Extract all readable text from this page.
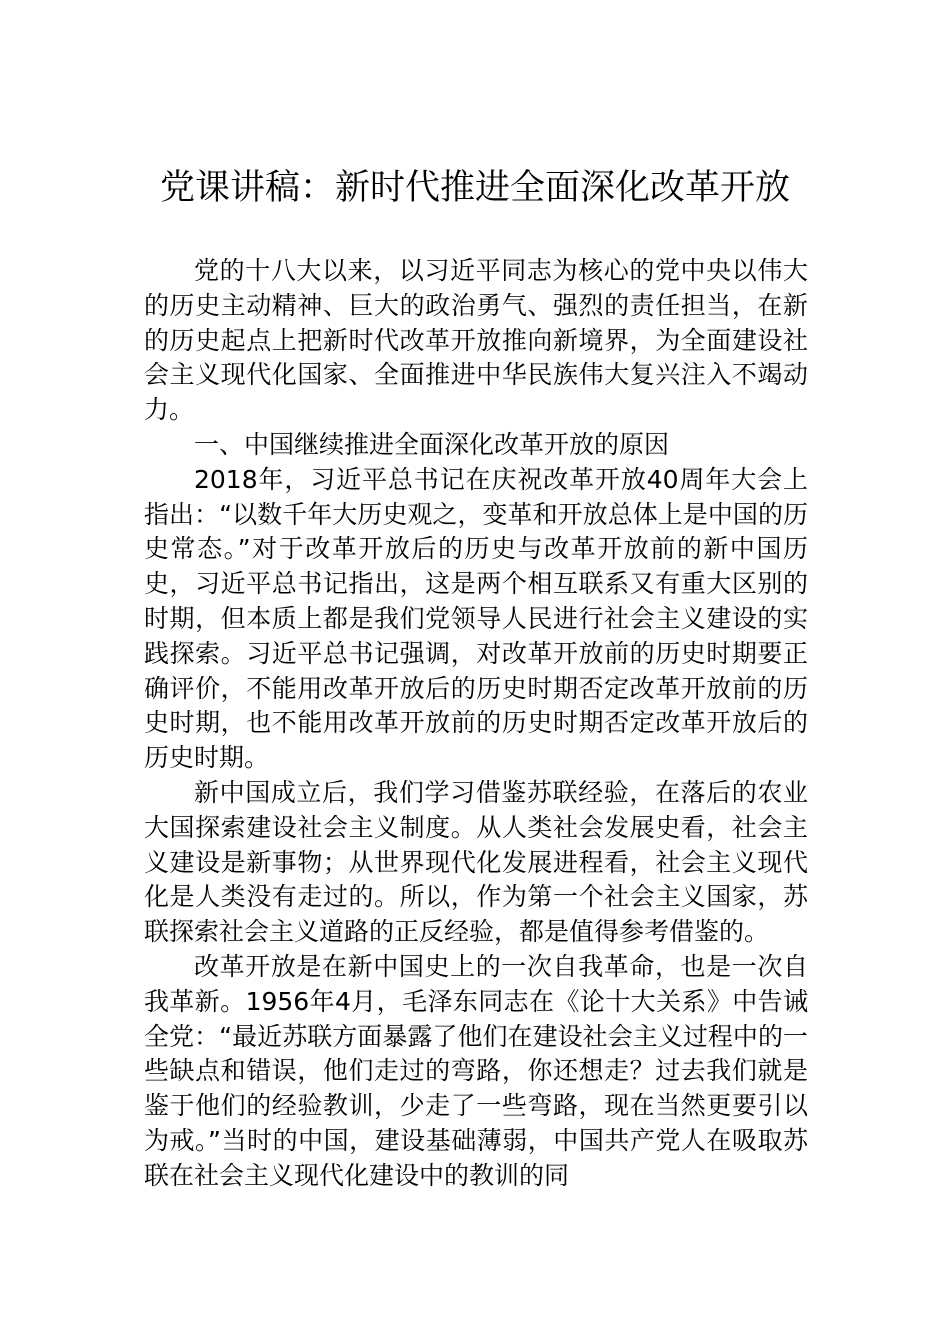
党课讲稿：新时代推进全面深化改革开放

党的十八大以来，以习近平同志为核心的党中央以伟大的历史主动精神、巨大的政治勇气、强烈的责任担当，在新的历史起点上把新时代改革开放推向新境界，为全面建设社会主义现代化国家、全面推进中华民族伟大复兴注入不竭动力。

一、中国继续推进全面深化改革开放的原因

2018年，习近平总书记在庆祝改革开放40周年大会上指出：“以数千年大历史观之，变革和开放总体上是中国的历史常态。”对于改革开放后的历史与改革开放前的新中国历史，习近平总书记指出，这是两个相互联系又有重大区别的时期，但本质上都是我们党领导人民进行社会主义建设的实践探索。习近平总书记强调，对改革开放前的历史时期要正确评价，不能用改革开放后的历史时期否定改革开放前的历史时期，也不能用改革开放前的历史时期否定改革开放后的历史时期。

新中国成立后，我们学习借鉴苏联经验，在落后的农业大国探索建设社会主义制度。从人类社会发展史看，社会主义建设是新事物；从世界现代化发展进程看，社会主义现代化是人类没有走过的。所以，作为第一个社会主义国家，苏联探索社会主义道路的正反经验，都是值得参考借鉴的。

改革开放是在新中国史上的一次自我革命，也是一次自我革新。1956年4月，毛泽东同志在《论十大关系》中告诫全党：“最近苏联方面暴露了他们在建设社会主义过程中的一些缺点和错误，他们走过的弯路，你还想走？过去我们就是鉴于他们的经验教训，少走了一些弯路，现在当然更要引以为戒。”当时的中国，建设基础薄弱，中国共产党人在吸取苏联在社会主义现代化建设中的教训的同
